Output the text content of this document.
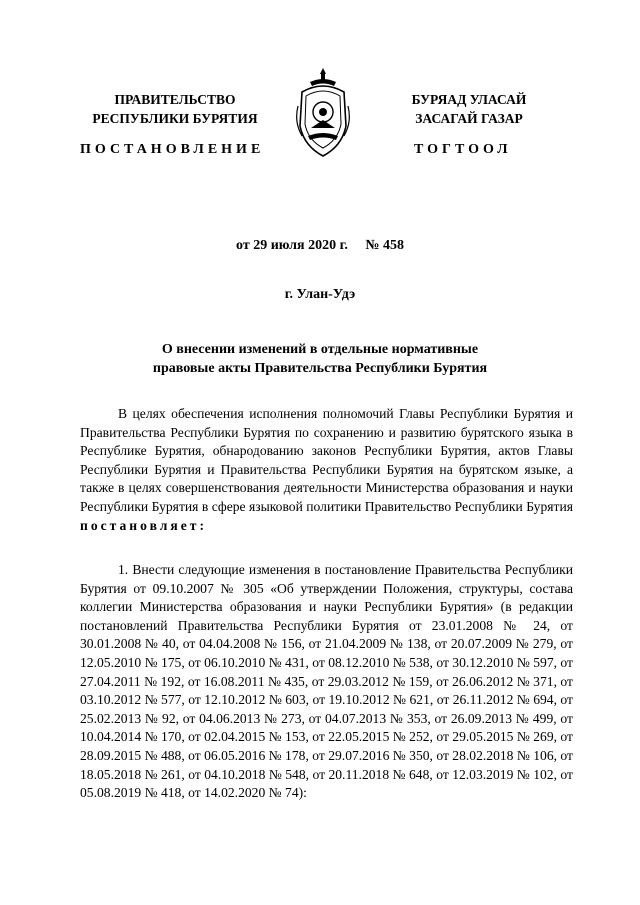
ПРАВИТЕЛЬСТВО
РЕСПУБЛИКИ БУРЯТИЯ
БУРЯАД УЛАСАЙ
ЗАСАГАЙ ГАЗАР
ПОСТАНОВЛЕНИЕ	ТОГТООЛ
от 29 июля 2020 г. № 458
г. Улан-Удэ
О внесении изменений в отдельные нормативные
правовые акты Правительства Республики Бурятия
В целях обеспечения исполнения полномочий Главы Республики Бурятия и Правительства Республики Бурятия по сохранению и развитию бурятского языка в Республике Бурятия, обнародованию законов Республики Бурятия, актов Главы Республики Бурятия и Правительства Республики Бурятия на бурятском языке, а также в целях совершенствования деятельности Министерства образования и науки Республики Бурятия в сфере языковой политики Правительство Республики Бурятия постановляет:
1. Внести следующие изменения в постановление Правительства Республики Бурятия от 09.10.2007 № 305 «Об утверждении Положения, структуры, состава коллегии Министерства образования и науки Республики Бурятия» (в редакции постановлений Правительства Республики Бурятия от 23.01.2008 № 24, от 30.01.2008 № 40, от 04.04.2008 № 156, от 21.04.2009 № 138, от 20.07.2009 № 279, от 12.05.2010 № 175, от 06.10.2010 № 431, от 08.12.2010 № 538, от 30.12.2010 № 597, от 27.04.2011 № 192, от 16.08.2011 № 435, от 29.03.2012 № 159, от 26.06.2012 № 371, от 03.10.2012 № 577, от 12.10.2012 № 603, от 19.10.2012 № 621, от 26.11.2012 № 694, от 25.02.2013 № 92, от 04.06.2013 № 273, от 04.07.2013 № 353, от 26.09.2013 № 499, от 10.04.2014 № 170, от 02.04.2015 № 153, от 22.05.2015 № 252, от 29.05.2015 № 269, от 28.09.2015 № 488, от 06.05.2016 № 178, от 29.07.2016 № 350, от 28.02.2018 № 106, от 18.05.2018 № 261, от 04.10.2018 № 548, от 20.11.2018 № 648, от 12.03.2019 № 102, от 05.08.2019 № 418, от 14.02.2020 № 74):
